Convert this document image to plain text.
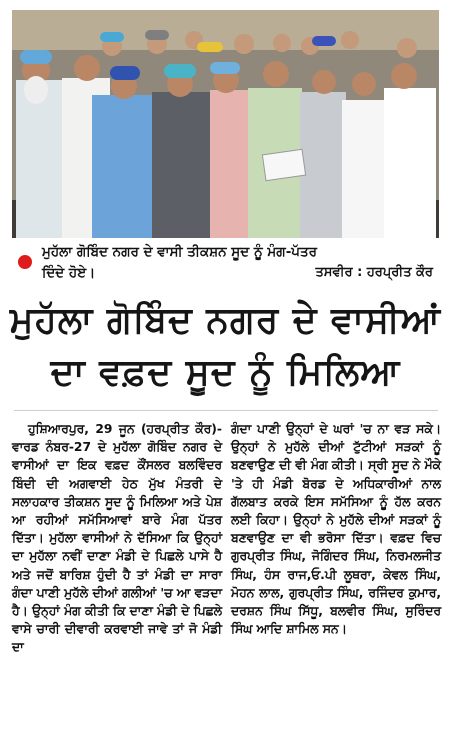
ਮੁਹੱਲਾ ਗੋਬਿੰਦ ਨਗਰ ਦੇ ਵਾਸੀ ਤੀਕਸ਼ਨ ਸੂਦ ਨੂੰ ਮੰਗ-ਪੱਤਰ
ਦਿੰਦੇ ਹੋਏ।	ਤਸਵੀਰ : ਹਰਪ੍ਰੀਤ ਕੌਰ
ਮੁਹੱਲਾ ਗੋਬਿੰਦ ਨਗਰ ਦੇ ਵਾਸੀਆਂ
ਦਾ ਵਫ਼ਦ ਸੂਦ ਨੂੰ ਮਿਲਿਆ

ਹੁਸ਼ਿਆਰਪੁਰ, 29 ਜੂਨ (ਹਰਪ੍ਰੀਤ ਕੌਰ)-ਵਾਰਡ ਨੰਬਰ-27 ਦੇ ਮੁਹੱਲਾ ਗੋਬਿੰਦ ਨਗਰ ਦੇ ਵਾਸੀਆਂ ਦਾ ਇਕ ਵਫ਼ਦ ਕੌਂਸਲਰ ਬਲਵਿੰਦਰ ਬਿੰਦੀ ਦੀ ਅਗਵਾਈ ਹੇਠ ਮੁੱਖ ਮੰਤਰੀ ਦੇ ਸਲਾਹਕਾਰ ਤੀਕਸ਼ਨ ਸੂਦ ਨੂੰ ਮਿਲਿਆ ਅਤੇ ਪੇਸ਼ ਆ ਰਹੀਆਂ ਸਮੱਸਿਆਵਾਂ ਬਾਰੇ ਮੰਗ ਪੱਤਰ ਦਿੱਤਾ। ਮੁਹੱਲਾ ਵਾਸੀਆਂ ਨੇ ਦੱਸਿਆ ਕਿ ਉਨ੍ਹਾਂ ਦਾ ਮੁਹੱਲਾ ਨਵੀਂ ਦਾਣਾ ਮੰਡੀ ਦੇ ਪਿਛਲੇ ਪਾਸੇ ਹੈ ਅਤੇ ਜਦੋਂ ਬਾਰਿਸ਼ ਹੁੰਦੀ ਹੈ ਤਾਂ ਮੰਡੀ ਦਾ ਸਾਰਾ ਗੰਦਾ ਪਾਣੀ ਮੁਹੱਲੇ ਦੀਆਂ ਗਲੀਆਂ 'ਚ ਆ ਵੜਦਾ ਹੈ। ਉਨ੍ਹਾਂ ਮੰਗ ਕੀਤੀ ਕਿ ਦਾਣਾ ਮੰਡੀ ਦੇ ਪਿਛਲੇ ਵਾਸੇ ਚਾਰੀ ਦੀਵਾਰੀ ਕਰਵਾਈ ਜਾਵੇ ਤਾਂ ਜੋ ਮੰਡੀ ਦਾ

ਗੰਦਾ ਪਾਣੀ ਉਨ੍ਹਾਂ ਦੇ ਘਰਾਂ 'ਚ ਨਾ ਵੜ ਸਕੇ। ਉਨ੍ਹਾਂ ਨੇ ਮੁਹੱਲੇ ਦੀਆਂ ਟੁੱਟੀਆਂ ਸੜਕਾਂ ਨੂੰ ਬਣਵਾਉਣ ਦੀ ਵੀ ਮੰਗ ਕੀਤੀ। ਸ੍ਰੀ ਸੂਦ ਨੇ ਮੌਕੇ 'ਤੇ ਹੀ ਮੰਡੀ ਬੋਰਡ ਦੇ ਅਧਿਕਾਰੀਆਂ ਨਾਲ ਗੱਲਬਾਤ ਕਰਕੇ ਇਸ ਸਮੱਸਿਆ ਨੂੰ ਹੱਲ ਕਰਨ ਲਈ ਕਿਹਾ। ਉਨ੍ਹਾਂ ਨੇ ਮੁਹੱਲੇ ਦੀਆਂ ਸੜਕਾਂ ਨੂੰ ਬਣਵਾਉਣ ਦਾ ਵੀ ਭਰੋਸਾ ਦਿੱਤਾ। ਵਫ਼ਦ ਵਿਚ ਗੁਰਪ੍ਰੀਤ ਸਿੰਘ, ਜੋਗਿੰਦਰ ਸਿੰਘ, ਨਿਰਮਲਜੀਤ ਸਿੰਘ, ਹੰਸ ਰਾਜ,ਓ.ਪੀ ਲੂਥਰਾ, ਕੇਵਲ ਸਿੰਘ, ਮੋਹਨ ਲਾਲ, ਗੁਰਪ੍ਰੀਤ ਸਿੰਘ, ਰਜਿੰਦਰ ਕੁਮਾਰ, ਦਰਸ਼ਨ ਸਿੰਘ ਸਿੱਧੂ, ਬਲਵੀਰ ਸਿੰਘ, ਸੁਰਿੰਦਰ ਸਿੰਘ ਆਦਿ ਸ਼ਾਮਿਲ ਸਨ।
